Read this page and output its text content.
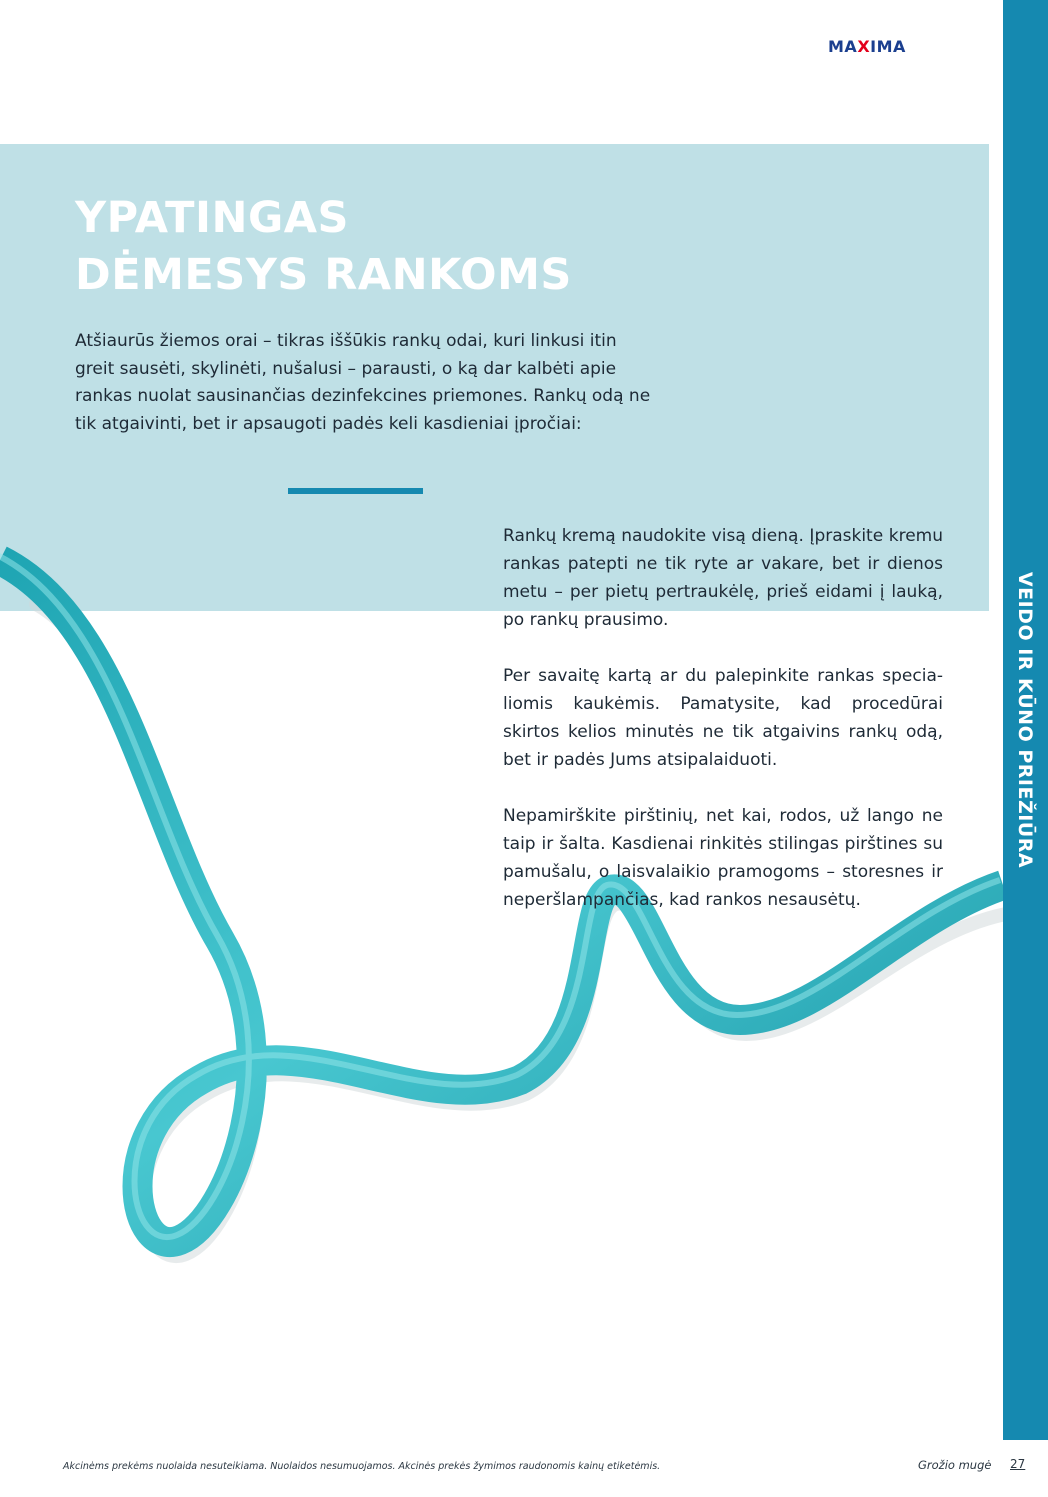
VEIDO IR KŪNO PRIEŽIŪRA
MAXIMA
YPATINGAS
DĖMESYS RANKOMS

Atšiaurūs žiemos orai – tikras iššūkis rankų odai, kuri linkusi itin greit sausėti, skylinėti, nušalusi – parausti, o ką dar kalbėti apie rankas nuolat sausinančias dezinfekcines priemones. Rankų odą ne tik atgaivinti, bet ir apsaugoti padės keli kasdieniai įpročiai:

Rankų kremą naudokite visą dieną. Įpraskite kremu rankas patepti ne tik ryte ar vakare, bet ir dienos metu – per pietų pertraukėlę, prieš eidami į lauką, po rankų prausimo.

Per savaitę kartą ar du palepinkite rankas specialiomis kaukėmis. Pamatysite, kad procedūrai skirtos kelios minutės ne tik atgaivins rankų odą, bet ir padės Jums atsipalaiduoti.

Nepamirškite pirštinių, net kai, rodos, už lango ne taip ir šalta. Kasdienai rinkitės stilingas pirštines su pamušalu, o laisvalaikio pramogoms – storesnes ir neperšlampančias, kad rankos nesausėtų.

Akcinėms prekėms nuolaida nesuteikiama. Nuolaidos nesumuojamos. Akcinės prekės žymimos raudonomis kainų etiketėmis.	Grožio mugė 27
